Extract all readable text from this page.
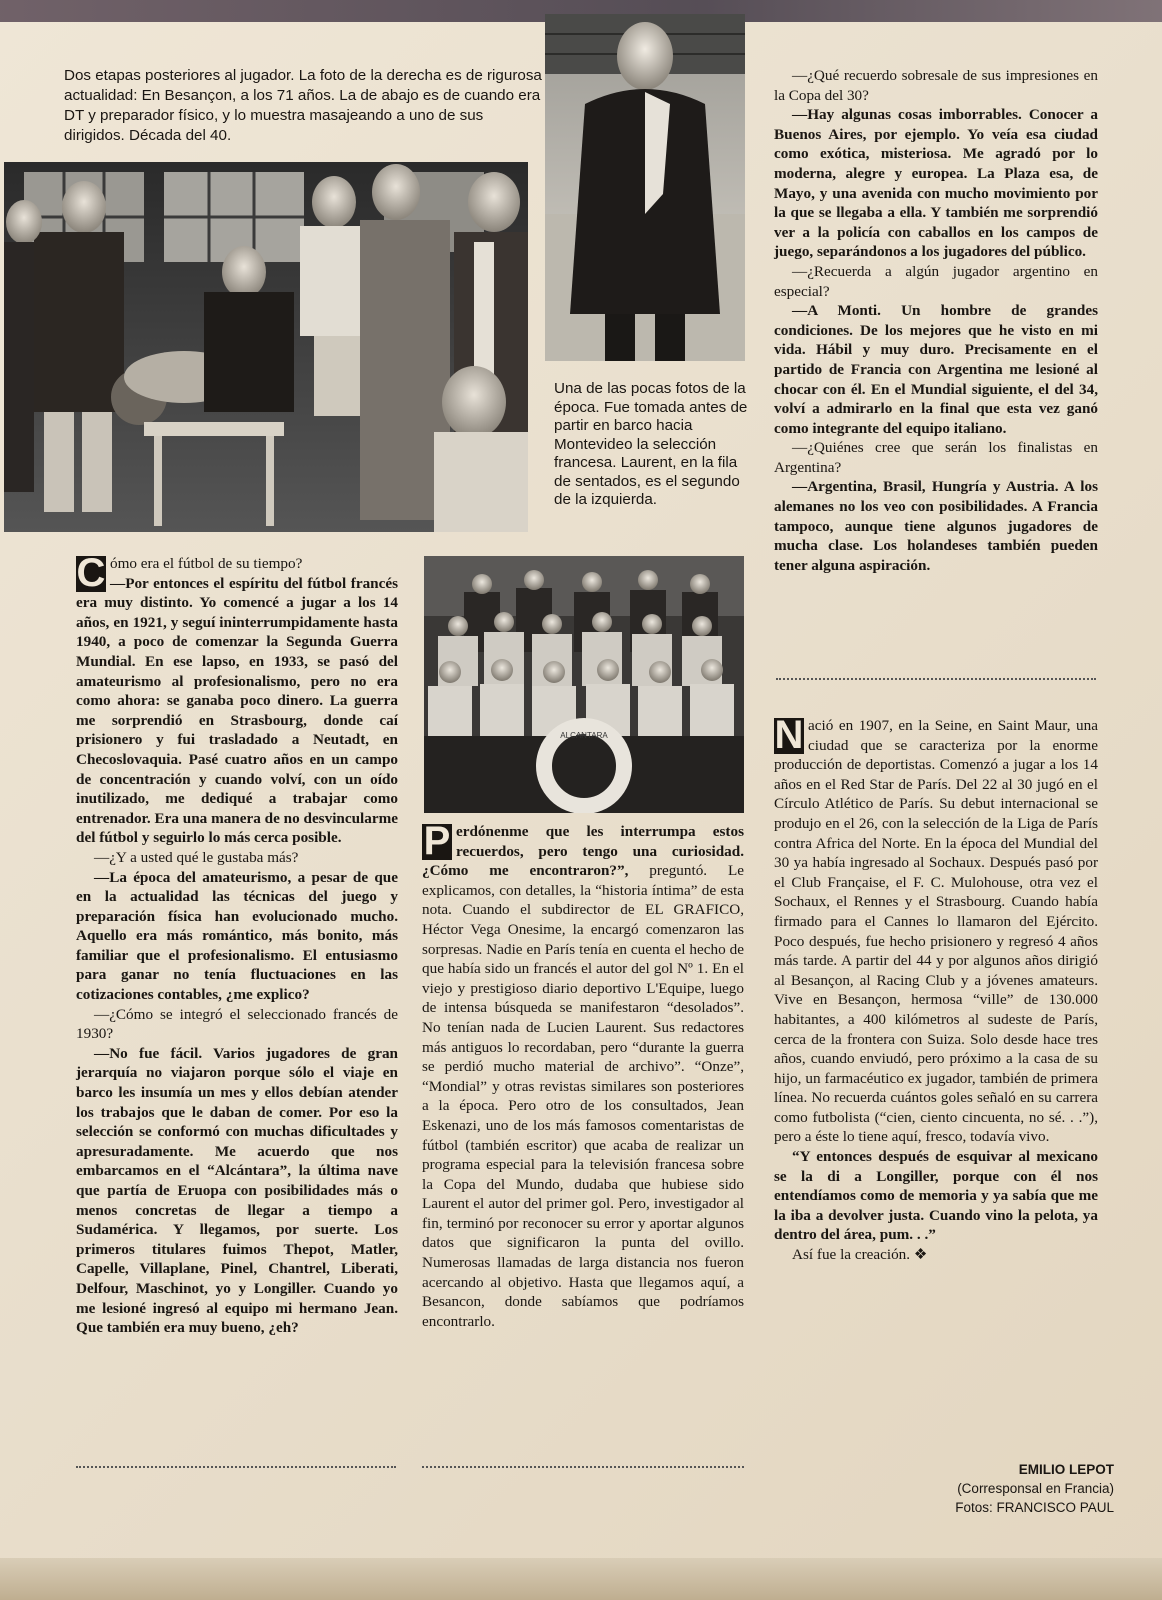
Dos etapas posteriores al jugador. La foto de la derecha es de rigurosa actualidad: En Besançon, a los 71 años. La de abajo es de cuando era DT y preparador físico, y lo muestra masajeando a uno de sus dirigidos. Década del 40.

Una de las pocas fotos de la época. Fue tomada antes de partir en barco hacia Montevideo la selección francesa. Laurent, en la fila de sentados, es el segundo de la izquierda.

ALCANTARA

C ómo era el fútbol de su tiempo?
—Por entonces el espíritu del fútbol francés era muy distinto. Yo comencé a jugar a los 14 años, en 1921, y seguí ininterrumpidamente hasta 1940, a poco de comenzar la Segunda Guerra Mundial. En ese lapso, en 1933, se pasó del amateurismo al profesionalismo, pero no era como ahora: se ganaba poco dinero. La guerra me sorprendió en Strasbourg, donde caí prisionero y fui trasladado a Neutadt, en Checoslovaquia. Pasé cuatro años en un campo de concentración y cuando volví, con un oído inutilizado, me dediqué a trabajar como entrenador. Era una manera de no desvincularme del fútbol y seguirlo lo más cerca posible.

—¿Y a usted qué le gustaba más?

—La época del amateurismo, a pesar de que en la actualidad las técnicas del juego y preparación física han evolucionado mucho. Aquello era más romántico, más bonito, más familiar que el profesionalismo. El entusiasmo para ganar no tenía fluctuaciones en las cotizaciones contables, ¿me explico?

—¿Cómo se integró el seleccionado francés de 1930?

—No fue fácil. Varios jugadores de gran jerarquía no viajaron porque sólo el viaje en barco les insumía un mes y ellos debían atender los trabajos que le daban de comer. Por eso la selección se conformó con muchas dificultades y apresuradamente. Me acuerdo que nos embarcamos en el “Alcántara”, la última nave que partía de Eruopa con posibilidades más o menos concretas de llegar a tiempo a Sudamérica. Y llegamos, por suerte. Los primeros titulares fuimos Thepot, Matler, Capelle, Villaplane, Pinel, Chantrel, Liberati, Delfour, Maschinot, yo y Longiller. Cuando yo me lesioné ingresó al equipo mi hermano Jean. Que también era muy bueno, ¿eh?

P erdónenme que les interrumpa estos recuerdos, pero tengo una curiosidad. ¿Cómo me encontraron?”, preguntó. Le explicamos, con detalles, la “historia íntima” de esta nota. Cuando el subdirector de EL GRAFICO, Héctor Vega Onesime, la encargó comenzaron las sorpresas. Nadie en París tenía en cuenta el hecho de que había sido un francés el autor del gol Nº 1. En el viejo y prestigioso diario deportivo L'Equipe, luego de intensa búsqueda se manifestaron “desolados”. No tenían nada de Lucien Laurent. Sus redactores más antiguos lo recordaban, pero “durante la guerra se perdió mucho material de archivo”. “Onze”, “Mondial” y otras revistas similares son posteriores a la época. Pero otro de los consultados, Jean Eskenazi, uno de los más famosos comentaristas de fútbol (también escritor) que acaba de realizar un programa especial para la televisión francesa sobre la Copa del Mundo, dudaba que hubiese sido Laurent el autor del primer gol. Pero, investigador al fin, terminó por reconocer su error y aportar algunos datos que significaron la punta del ovillo. Numerosas llamadas de larga distancia nos fueron acercando al objetivo. Hasta que llegamos aquí, a Besancon, donde sabíamos que podríamos encontrarlo.

—¿Qué recuerdo sobresale de sus impresiones en la Copa del 30?

—Hay algunas cosas imborrables. Conocer a Buenos Aires, por ejemplo. Yo veía esa ciudad como exótica, misteriosa. Me agradó por lo moderna, alegre y europea. La Plaza esa, de Mayo, y una avenida con mucho movimiento por la que se llegaba a ella. Y también me sorprendió ver a la policía con caballos en los campos de juego, separándonos a los jugadores del público.

—¿Recuerda a algún jugador argentino en especial?

—A Monti. Un hombre de grandes condiciones. De los mejores que he visto en mi vida. Hábil y muy duro. Precisamente en el partido de Francia con Argentina me lesioné al chocar con él. En el Mundial siguiente, el del 34, volví a admirarlo en la final que esta vez ganó como integrante del equipo italiano.

—¿Quiénes cree que serán los finalistas en Argentina?

—Argentina, Brasil, Hungría y Austria. A los alemanes no los veo con posibilidades. A Francia tampoco, aunque tiene algunos jugadores de mucha clase. Los holandeses también pueden tener alguna aspiración.

N ació en 1907, en la Seine, en Saint Maur, una ciudad que se caracteriza por la enorme producción de deportistas. Comenzó a jugar a los 14 años en el Red Star de París. Del 22 al 30 jugó en el Círculo Atlético de París. Su debut internacional se produjo en el 26, con la selección de la Liga de París contra Africa del Norte. En la época del Mundial del 30 ya había ingresado al Sochaux. Después pasó por el Club Française, el F. C. Mulohouse, otra vez el Sochaux, el Rennes y el Strasbourg. Cuando había firmado para el Cannes lo llamaron del Ejército. Poco después, fue hecho prisionero y regresó 4 años más tarde. A partir del 44 y por algunos años dirigió al Besançon, al Racing Club y a jóvenes amateurs. Vive en Besançon, hermosa “ville” de 130.000 habitantes, a 400 kilómetros al sudeste de París, cerca de la frontera con Suiza. Solo desde hace tres años, cuando enviudó, pero próximo a la casa de su hijo, un farmacéutico ex jugador, también de primera línea. No recuerda cuántos goles señaló en su carrera como futbolista (“cien, ciento cincuenta, no sé. . .”), pero a éste lo tiene aquí, fresco, todavía vivo.

“Y entonces después de esquivar al mexicano se la di a Longiller, porque con él nos entendíamos como de memoria y ya sabía que me la iba a devolver justa. Cuando vino la pelota, ya dentro del área, pum. . .”

Así fue la creación. ❖

EMILIO LEPOT

(Corresponsal en Francia)

Fotos: FRANCISCO PAUL
